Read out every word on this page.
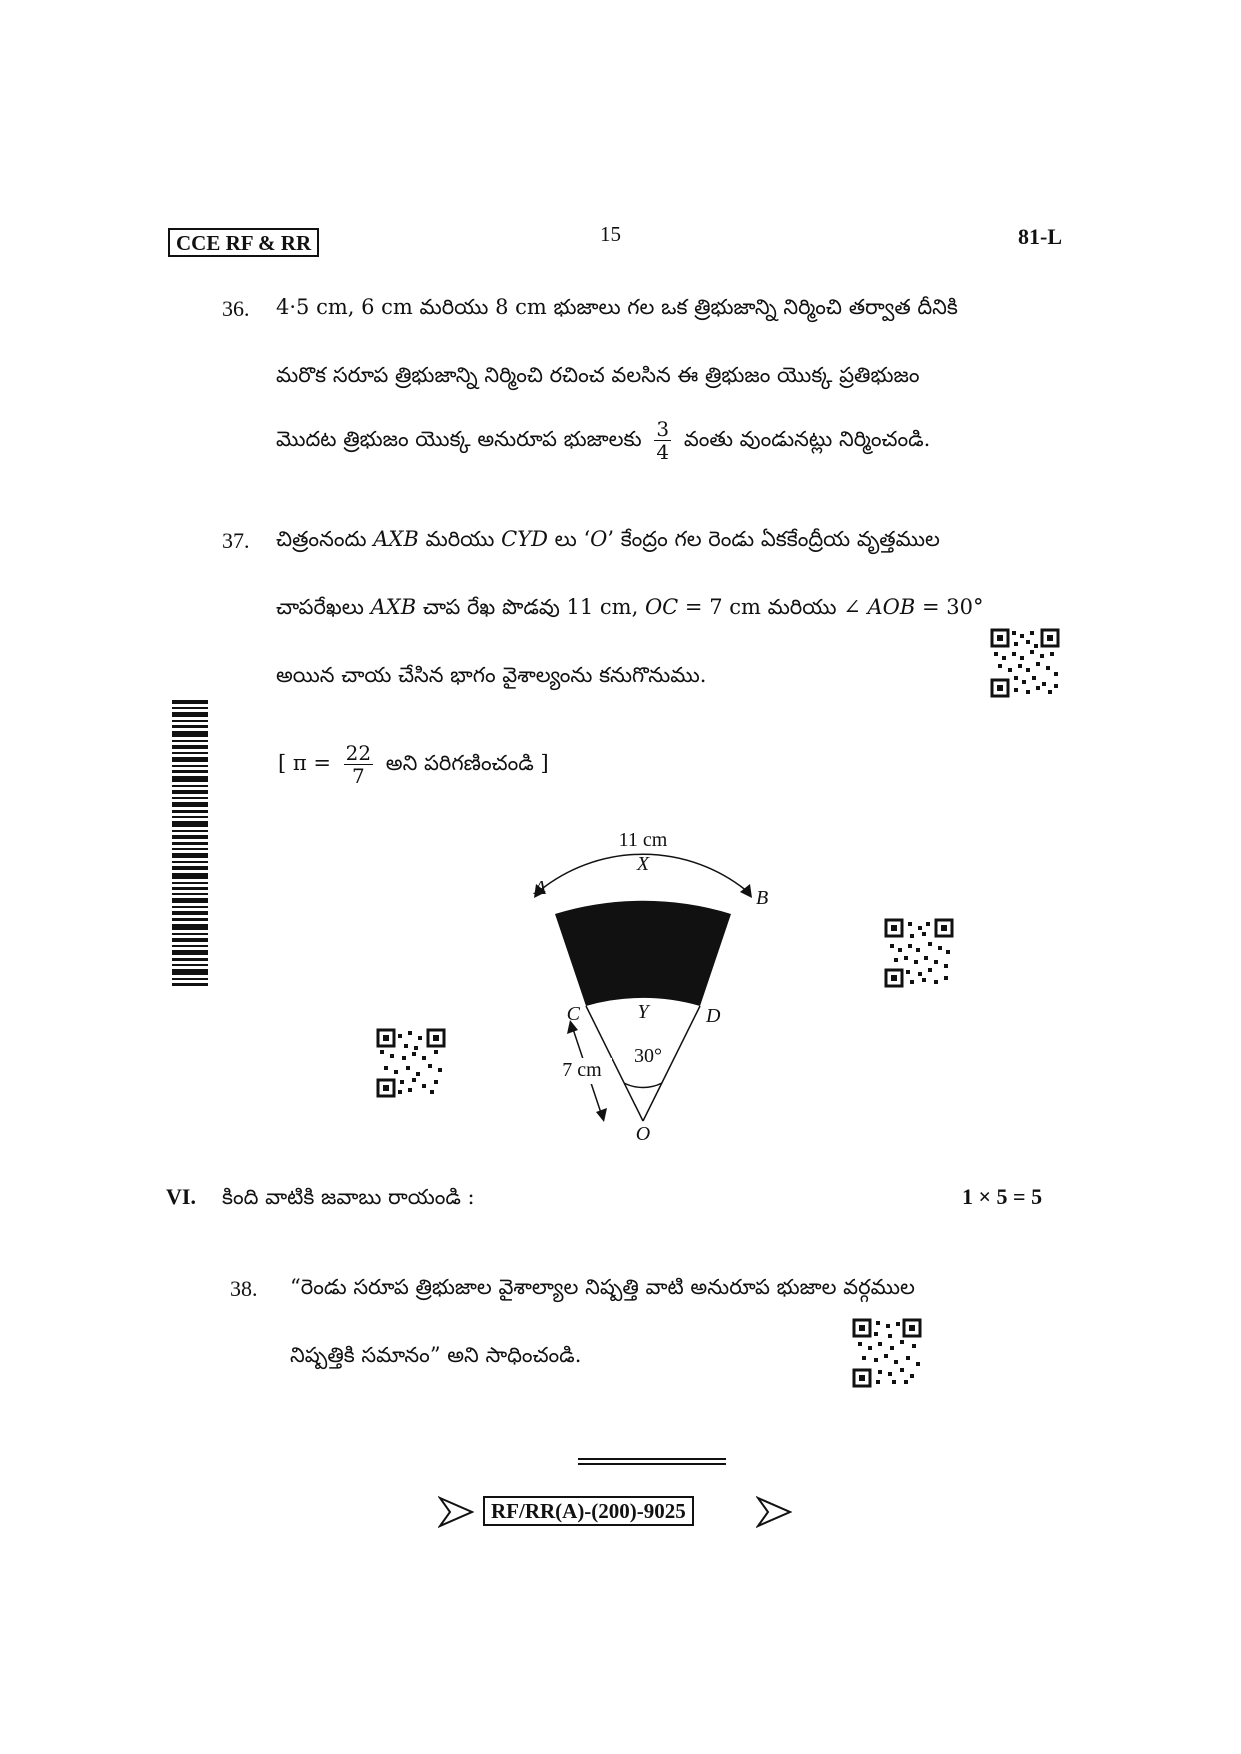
CCE RF & RR	15	81-L
36. 4·5 cm, 6 cm మరియు 8 cm భుజాలు గల ఒక త్రిభుజాన్ని నిర్మించి తర్వాత దీనికి
మరొక సరూప త్రిభుజాన్ని నిర్మించి రచించ వలసిన ఈ త్రిభుజం యొక్క ప్రతిభుజం
మొదట త్రిభుజం యొక్క అనురూప భుజాలకు $\frac{3}{4}$ వంతు వుండునట్లు నిర్మించండి.
37. చిత్రంనందు AXB మరియు CYD లు ‘O’ కేంద్రం గల రెండు ఏకకేంద్రీయ వృత్తముల
చాపరేఖలు AXB చాప రేఖ పొడవు 11 cm, OC = 7 cm మరియు ∠ AOB = 30°
అయిన చాయ చేసిన భాగం వైశాల్యంను కనుగొనుము.
[ $\pi = \frac{22}{7}$ అని పరిగణించండి ]
11 cm
X
A	B
C	Y	D
30°
7 cm
O
VI. కింది వాటికి జవాబు రాయండి :	1 × 5 = 5
38. “రెండు సరూప త్రిభుజాల వైశాల్యాల నిష్పత్తి వాటి అనురూప భుజాల వర్గముల
నిష్పత్తికి సమానం” అని సాధించండి.
RF/RR(A)-(200)-9025
